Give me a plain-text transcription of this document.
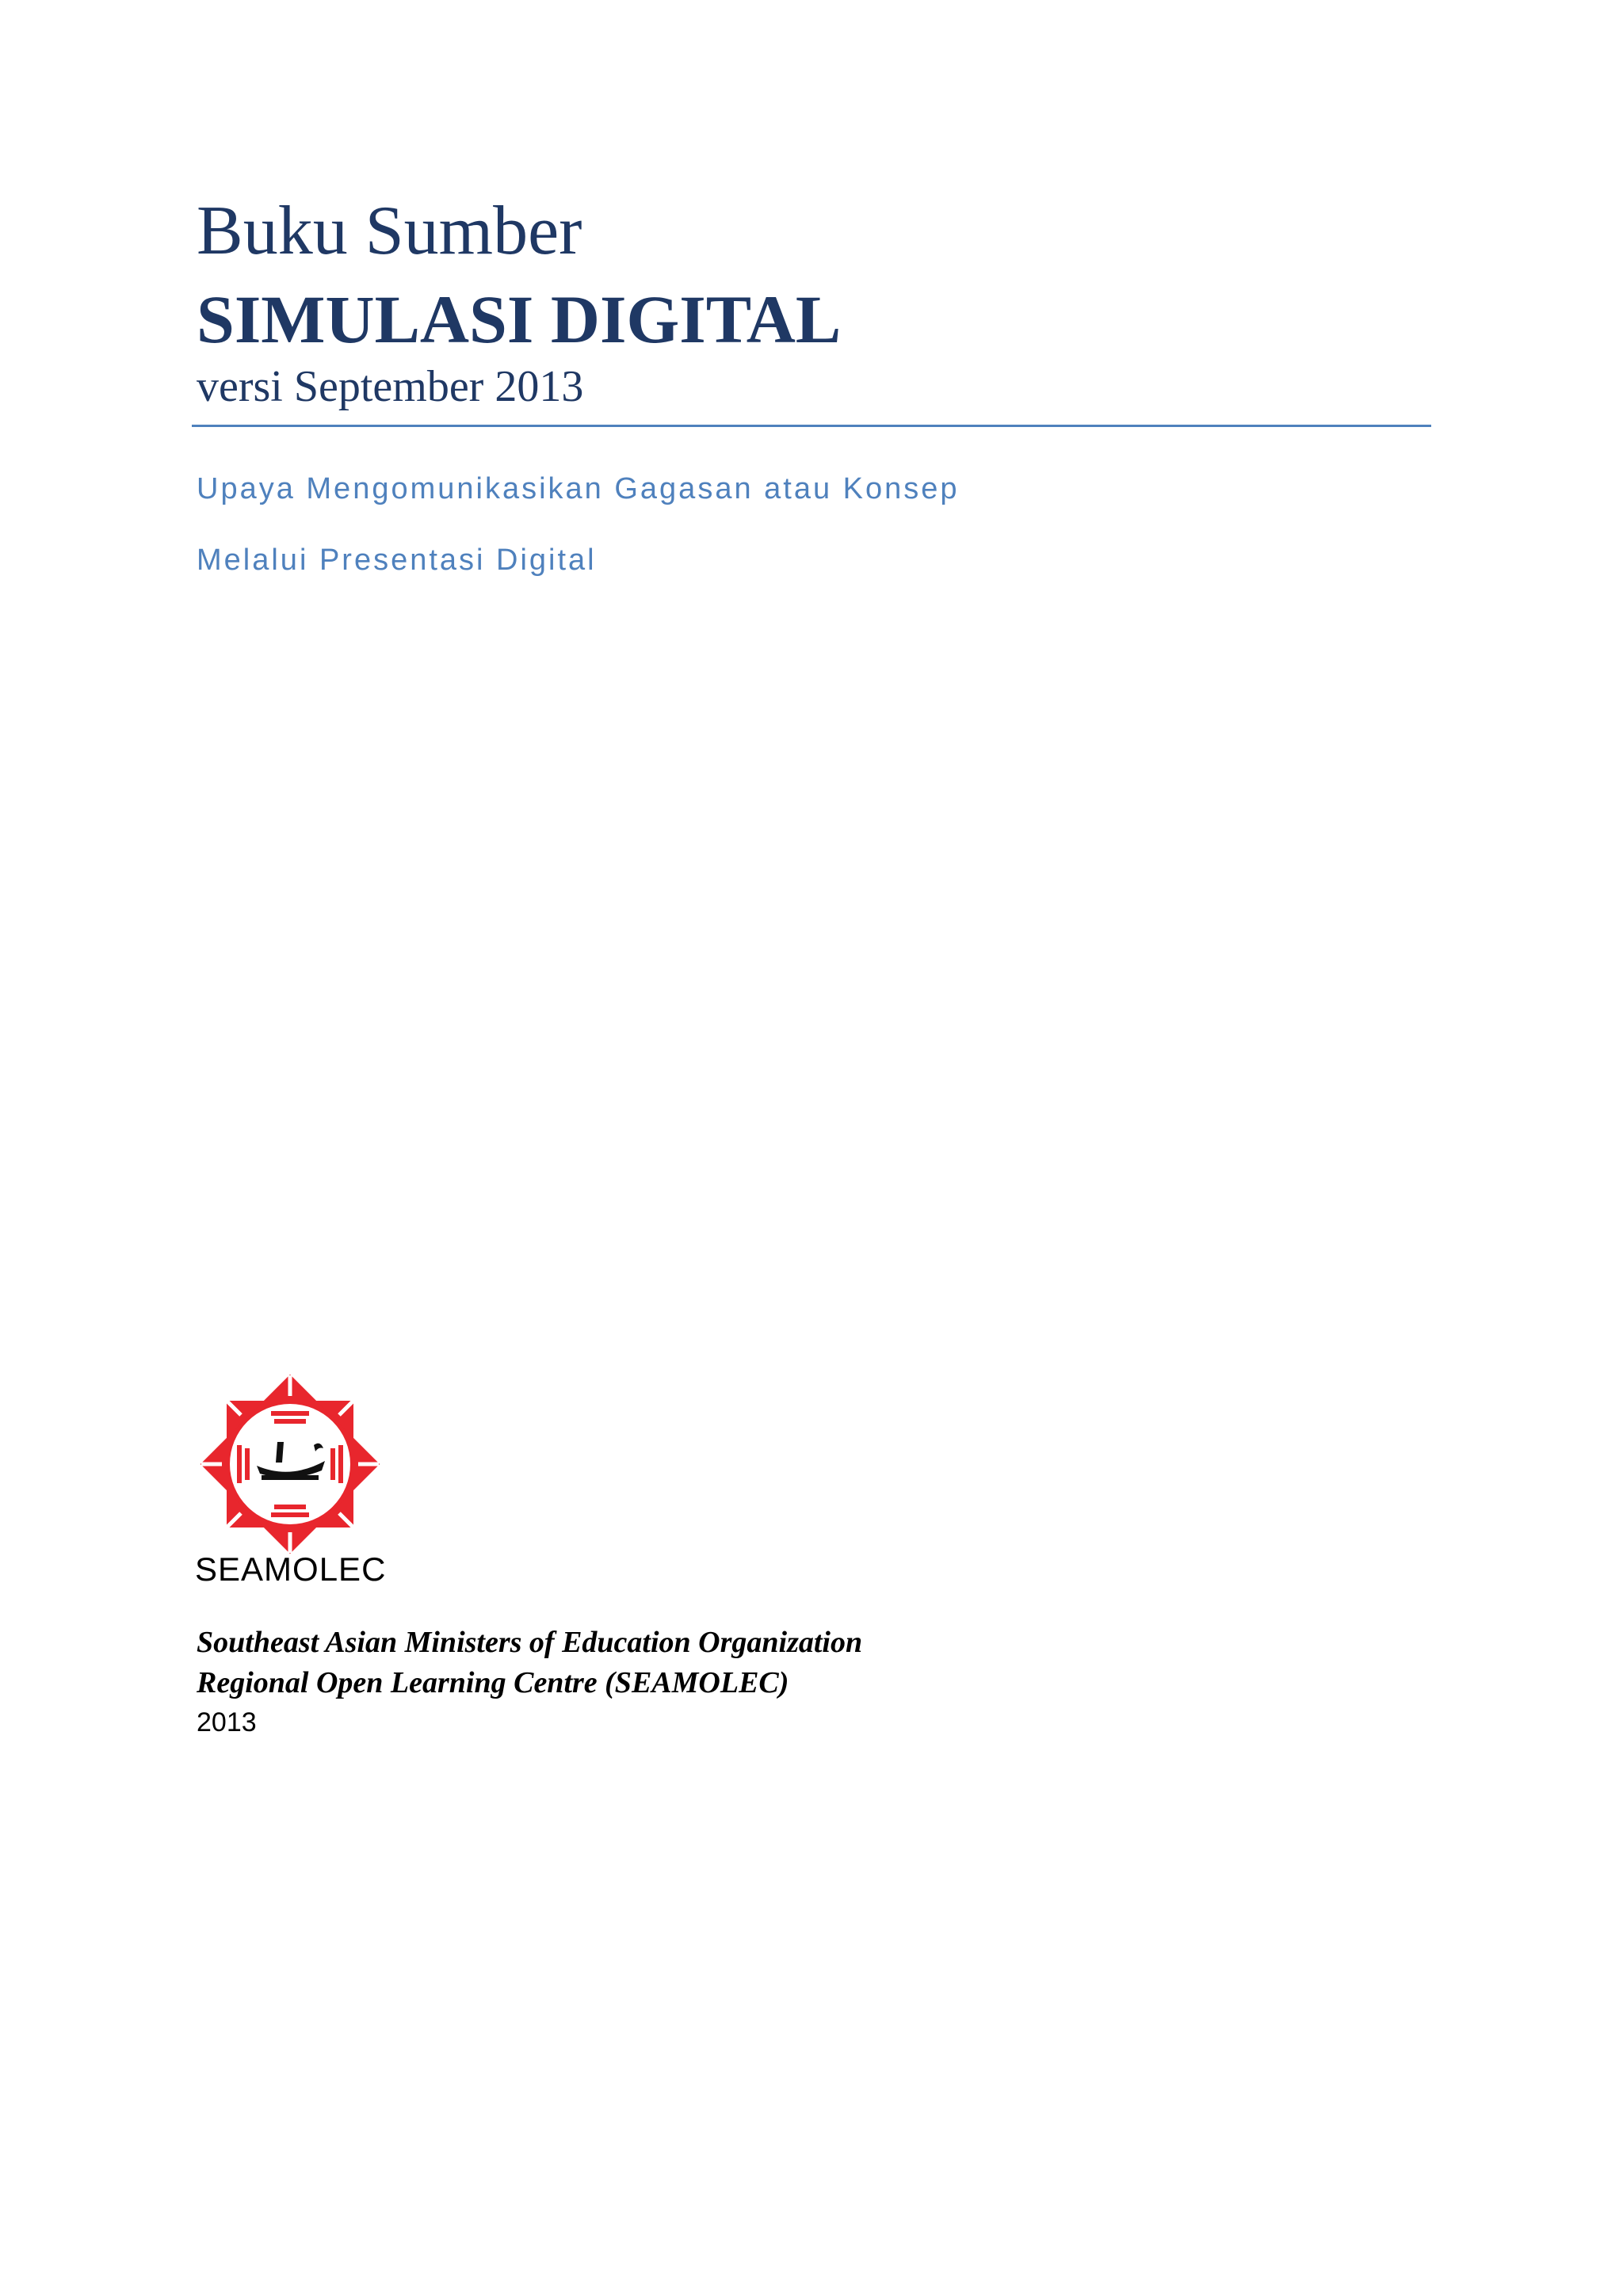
Buku Sumber
SIMULASI DIGITAL
versi September 2013
Upaya Mengomunikasikan Gagasan atau Konsep
Melalui Presentasi Digital
SEAMOLEC
Southeast Asian Ministers of Education Organization
Regional Open Learning Centre (SEAMOLEC)
2013
